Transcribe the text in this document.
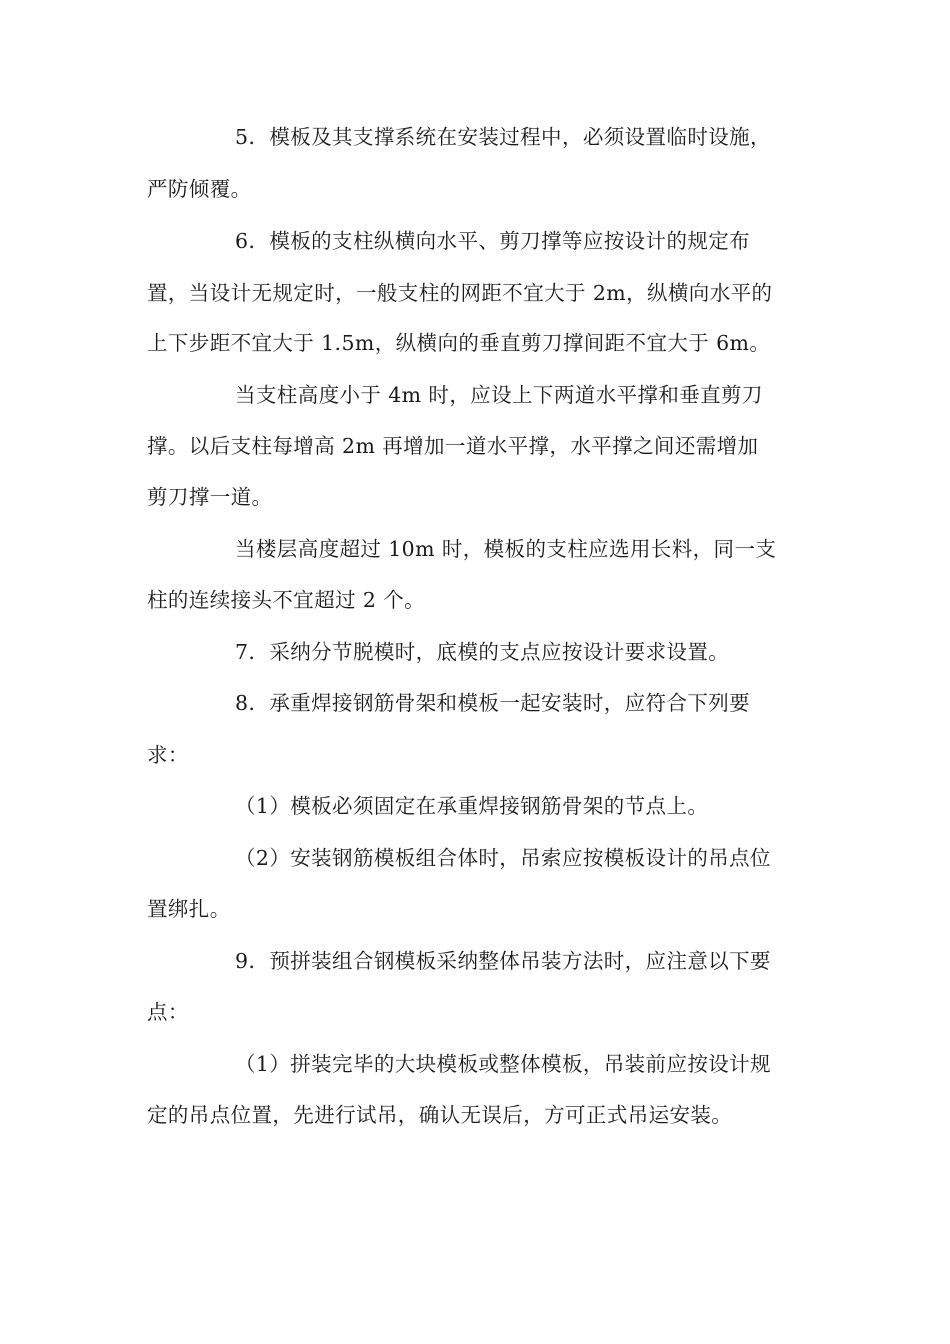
5．模板及其支撑系统在安装过程中，必须设置临时设施，
严防倾覆。
6．模板的支柱纵横向水平、剪刀撑等应按设计的规定布
置，当设计无规定时，一般支柱的网距不宜大于 2m，纵横向水平的
上下步距不宜大于 1.5m，纵横向的垂直剪刀撑间距不宜大于 6m。
当支柱高度小于 4m 时，应设上下两道水平撑和垂直剪刀
撑。以后支柱每增高 2m 再增加一道水平撑，水平撑之间还需增加
剪刀撑一道。
当楼层高度超过 10m 时，模板的支柱应选用长料，同一支
柱的连续接头不宜超过 2 个。
7．采纳分节脱模时，底模的支点应按设计要求设置。
8．承重焊接钢筋骨架和模板一起安装时，应符合下列要
求：
（1）模板必须固定在承重焊接钢筋骨架的节点上。
（2）安装钢筋模板组合体时，吊索应按模板设计的吊点位
置绑扎。
9．预拼装组合钢模板采纳整体吊装方法时，应注意以下要
点：
（1）拼装完毕的大块模板或整体模板，吊装前应按设计规
定的吊点位置，先进行试吊，确认无误后，方可正式吊运安装。
